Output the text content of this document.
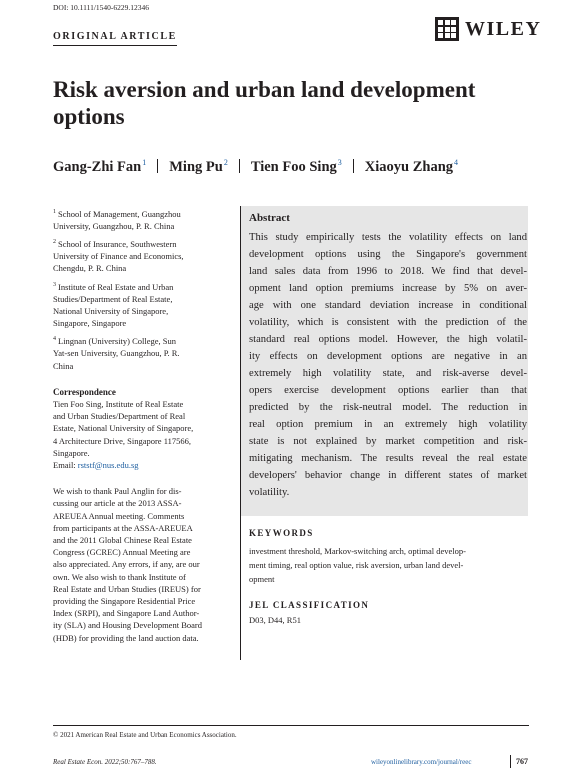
DOI: 10.1111/1540-6229.12346
WILEY
ORIGINAL ARTICLE
Risk aversion and urban land development
options
Gang-Zhi Fan$^1$ Ming Pu$^2$ Tien Foo Sing$^3$ Xiaoyu Zhang$^4$
$^1$ School of Management, Guangzhou
University, Guangzhou, P. R. China
$^2$ School of Insurance, Southwestern
University of Finance and Economics,
Chengdu, P. R. China
$^3$ Institute of Real Estate and Urban
Studies/Department of Real Estate,
National University of Singapore,
Singapore, Singapore
$^4$ Lingnan (University) College, Sun
Yat-sen University, Guangzhou, P. R.
China
Correspondence
Tien Foo Sing, Institute of Real Estate
and Urban Studies/Department of Real
Estate, National University of Singapore,
4 Architecture Drive, Singapore 117566,
Singapore.
Email: rststf@nus.edu.sg
We wish to thank Paul Anglin for dis-
cussing our article at the 2013 ASSA-
AREUEA Annual meeting. Comments
from participants at the ASSA-AREUEA
and the 2011 Global Chinese Real Estate
Congress (GCREC) Annual Meeting are
also appreciated. Any errors, if any, are our
own. We also wish to thank Institute of
Real Estate and Urban Studies (IREUS) for
providing the Singapore Residential Price
Index (SRPI), and Singapore Land Author-
ity (SLA) and Housing Development Board
(HDB) for providing the land auction data.
Abstract
This study empirically tests the volatility effects on land
development options using the Singapore's government
land sales data from 1996 to 2018. We find that devel-
opment land option premiums increase by 5% on aver-
age with one standard deviation increase in conditional
volatility, which is consistent with the prediction of the
standard real options model. However, the high volatil-
ity effects on development options are negative in an
extremely high volatility state, and risk-averse devel-
opers exercise development options earlier than that
predicted by the risk-neutral model. The reduction in
real option premium in an extremely high volatility
state is not explained by market competition and risk-
mitigating mechanism. The results reveal the real estate
developers' behavior change in different states of market
volatility.
KEYWORDS
investment threshold, Markov-switching arch, optimal develop-
ment timing, real option value, risk aversion, urban land devel-
opment
JEL CLASSIFICATION
D03, D44, R51
© 2021 American Real Estate and Urban Economics Association.
Real Estate Econ. 2022;50:767–788.	wileyonlinelibrary.com/journal/reec	767
